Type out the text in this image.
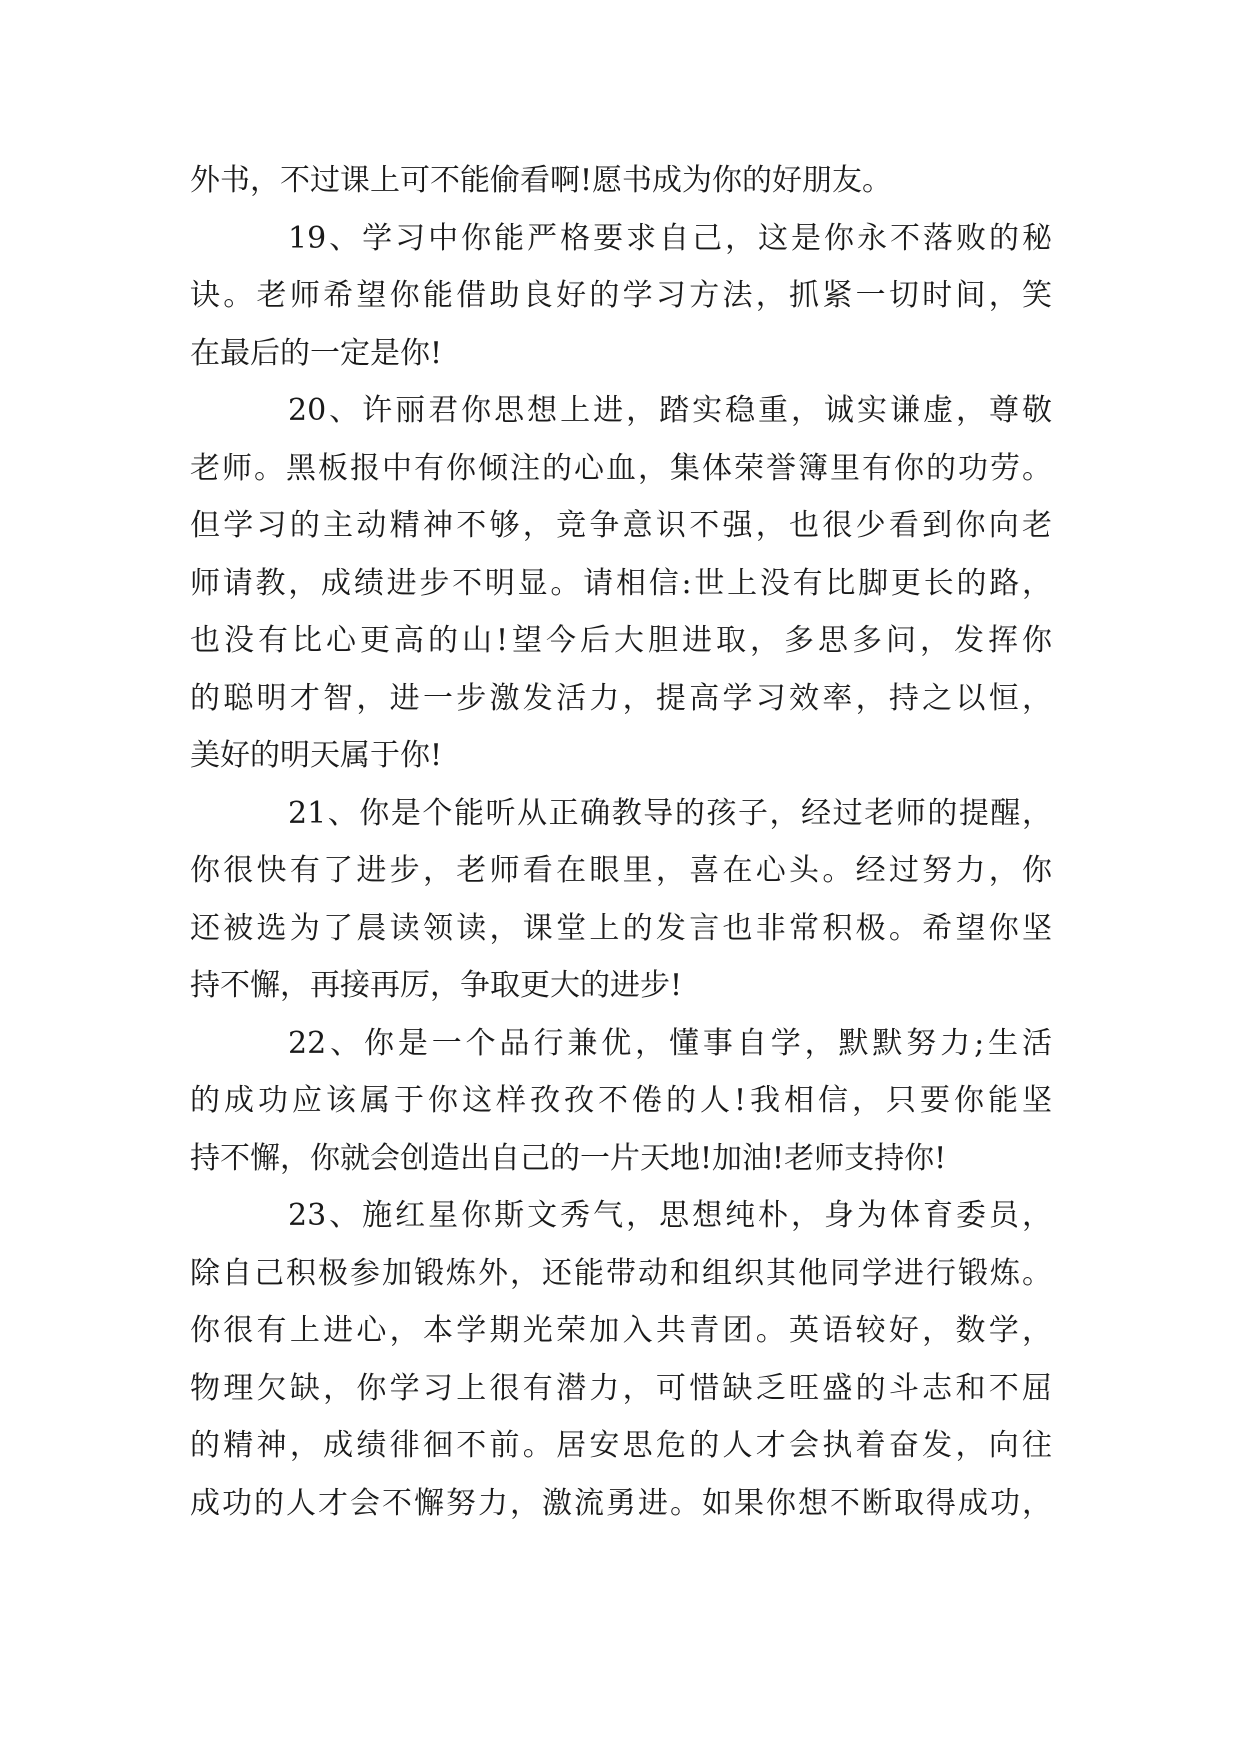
外书，不过课上可不能偷看啊!愿书成为你的好朋友。
19、学习中你能严格要求自己，这是你永不落败的秘
诀。老师希望你能借助良好的学习方法，抓紧一切时间，笑
在最后的一定是你!
20、许丽君你思想上进，踏实稳重，诚实谦虚，尊敬
老师。黑板报中有你倾注的心血，集体荣誉簿里有你的功劳。
但学习的主动精神不够，竞争意识不强，也很少看到你向老
师请教，成绩进步不明显。请相信:世上没有比脚更长的路，
也没有比心更高的山!望今后大胆进取，多思多问，发挥你
的聪明才智，进一步激发活力，提高学习效率，持之以恒，
美好的明天属于你!
21、你是个能听从正确教导的孩子，经过老师的提醒，
你很快有了进步，老师看在眼里，喜在心头。经过努力，你
还被选为了晨读领读，课堂上的发言也非常积极。希望你坚
持不懈，再接再厉，争取更大的进步!
22、你是一个品行兼优，懂事自学，默默努力;生活
的成功应该属于你这样孜孜不倦的人!我相信，只要你能坚
持不懈，你就会创造出自己的一片天地!加油!老师支持你!
23、施红星你斯文秀气，思想纯朴，身为体育委员，
除自己积极参加锻炼外，还能带动和组织其他同学进行锻炼。
你很有上进心，本学期光荣加入共青团。英语较好，数学，
物理欠缺，你学习上很有潜力，可惜缺乏旺盛的斗志和不屈
的精神，成绩徘徊不前。居安思危的人才会执着奋发，向往
成功的人才会不懈努力，激流勇进。如果你想不断取得成功，
